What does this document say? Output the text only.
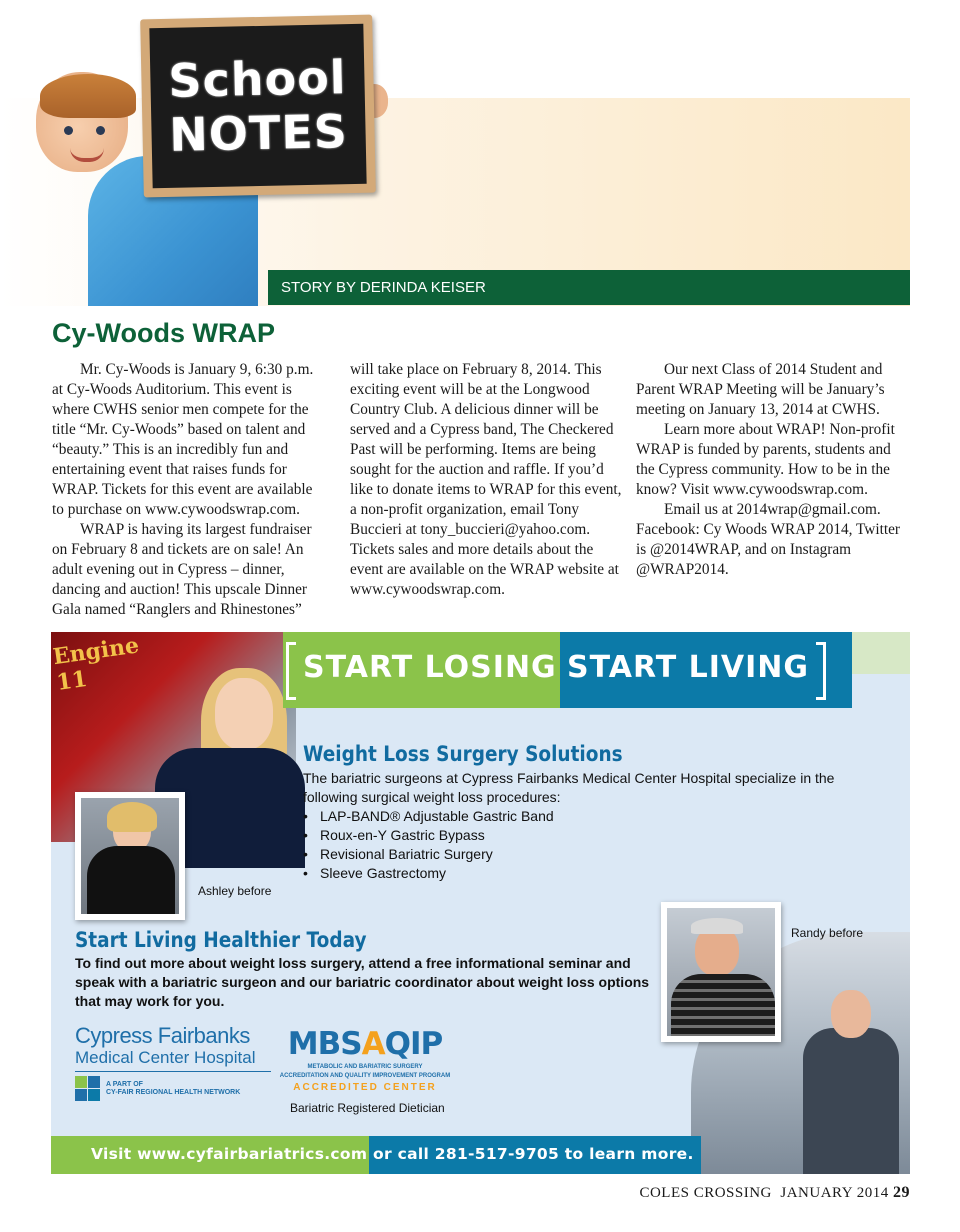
School
NOTES
STORY BY DERINDA KEISER
Cy-Woods WRAP

Mr. Cy-Woods is January 9, 6:30 p.m. at Cy-Woods Auditorium. This event is where CWHS senior men compete for the title “Mr. Cy-Woods” based on talent and “beauty.” This is an incredibly fun and entertaining event that raises funds for WRAP. Tickets for this event are available to purchase on www.cywoodswrap.com.

WRAP is having its largest fundraiser on February 8 and tickets are on sale! An adult evening out in Cypress – dinner, dancing and auction! This upscale Dinner Gala named “Ranglers and Rhinestones”

will take place on February 8, 2014. This exciting event will be at the Longwood Country Club. A delicious dinner will be served and a Cypress band, The Checkered Past will be performing. Items are being sought for the auction and raffle. If you’d like to donate items to WRAP for this event, a non-profit organization, email Tony Buccieri at tony_buccieri@yahoo.com. Tickets sales and more details about the event are available on the WRAP website at www.cywoodswrap.com.

Our next Class of 2014 Student and Parent WRAP Meeting will be January’s meeting on January 13, 2014 at CWHS.

Learn more about WRAP! Non-profit WRAP is funded by parents, students and the Cypress community. How to be in the know? Visit www.cywoodswrap.com.

Email us at 2014wrap@gmail.com. Facebook: Cy Woods WRAP 2014, Twitter is @2014WRAP, and on Instagram @WRAP2014.

Engine 11	START LOSING START LIVING
Weight Loss Surgery Solutions
The bariatric surgeons at Cypress Fairbanks Medical Center Hospital specialize in the following surgical weight loss procedures:
• LAP-BAND® Adjustable Gastric Band
• Roux-en-Y Gastric Bypass
• Revisional Bariatric Surgery
• Sleeve Gastrectomy
Ashley before
Randy before
Start Living Healthier Today
To find out more about weight loss surgery, attend a free informational seminar and speak with a bariatric surgeon and our bariatric coordinator about weight loss options that may work for you.
Cypress Fairbanks
Medical Center Hospital
A PART OF
CY-FAIR REGIONAL HEALTH NETWORK
MBSAQIP
METABOLIC AND BARIATRIC SURGERY
ACCREDITATION AND QUALITY IMPROVEMENT PROGRAM
ACCREDITED CENTER
Bariatric Registered Dietician
Visit www.cyfairbariatrics.com or call 281-517-9705 to learn more.
COLES CROSSING  JANUARY 2014 29
